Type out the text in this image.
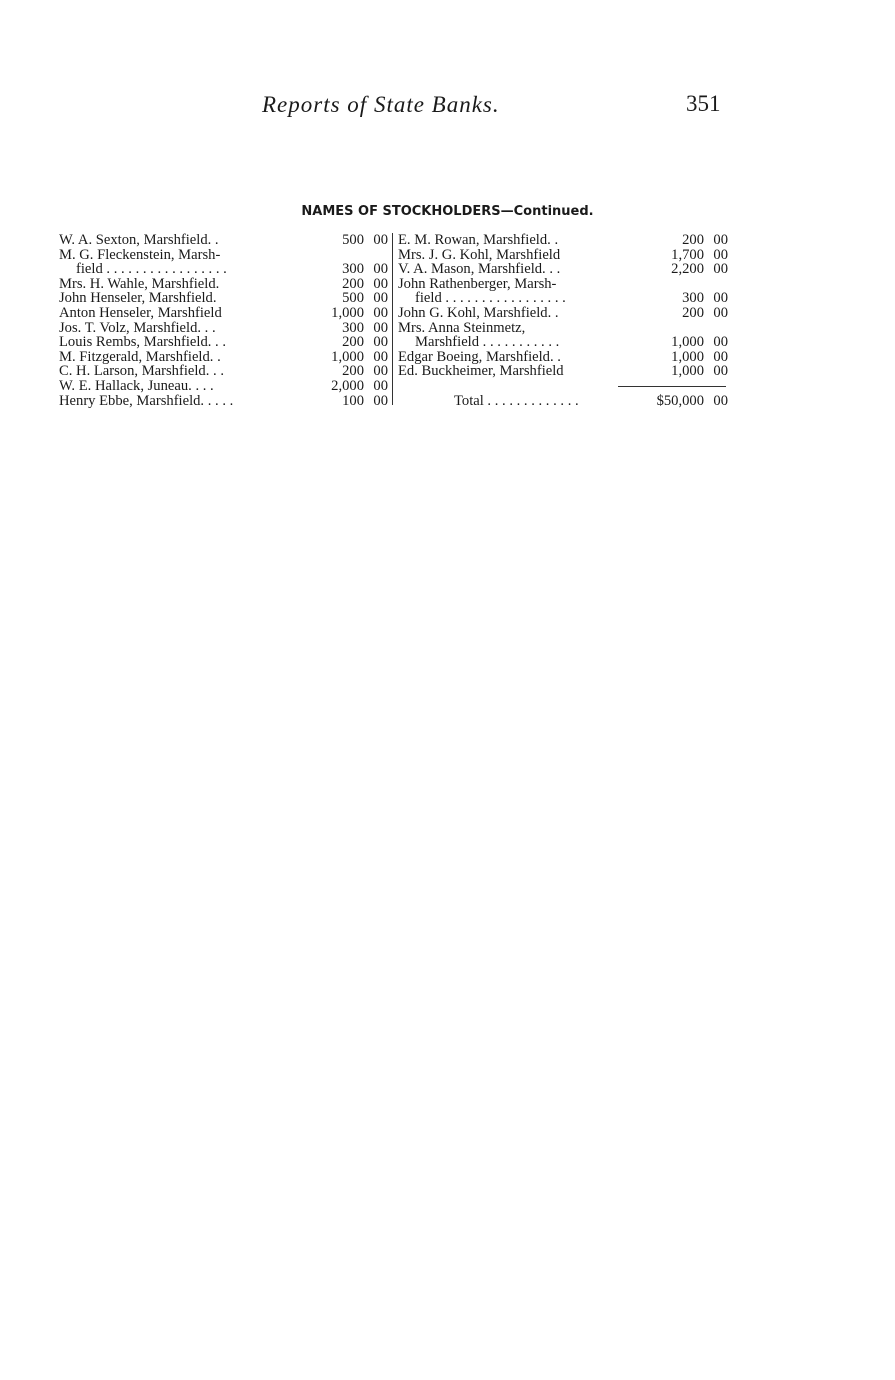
Reports of State Banks.	351
NAMES OF STOCKHOLDERS—Continued.
W. A. Sexton, Marshfield. .	500 00
M. G. Fleckenstein, Marsh-
field . . . . . . . . . . . . . . . . .	300 00
Mrs. H. Wahle, Marshfield.	200 00
John Henseler, Marshfield.	500 00
Anton Henseler, Marshfield	1,000 00
Jos. T. Volz, Marshfield. . .	300 00
Louis Rembs, Marshfield. . .	200 00
M. Fitzgerald, Marshfield. .	1,000 00
C. H. Larson, Marshfield. . .	200 00
W. E. Hallack, Juneau. . . .	2,000 00
Henry Ebbe, Marshfield. . . . .	100 00
E. M. Rowan, Marshfield. .	200 00
Mrs. J. G. Kohl, Marshfield	1,700 00
V. A. Mason, Marshfield. . .	2,200 00
John Rathenberger, Marsh-
field . . . . . . . . . . . . . . . . .	300 00
John G. Kohl, Marshfield. .	200 00
Mrs. Anna Steinmetz,
Marshfield . . . . . . . . . . .	1,000 00
Edgar Boeing, Marshfield. .	1,000 00
Ed. Buckheimer, Marshfield	1,000 00
Total . . . . . . . . . . . . .	$50,000 00
